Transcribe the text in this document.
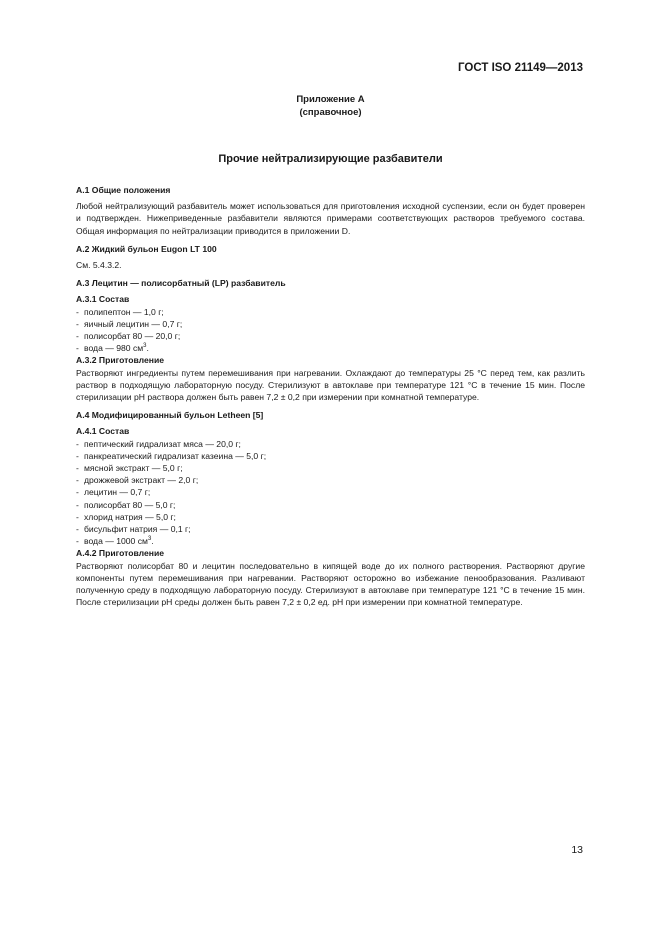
ГОСТ ISO 21149—2013
Приложение А
(справочное)
Прочие нейтрализирующие разбавители
А.1 Общие положения
Любой нейтрализующий разбавитель может использоваться для приготовления исходной суспензии, если он будет проверен и подтвержден. Нижеприведенные разбавители являются примерами соответствующих растворов требуемого состава. Общая информация по нейтрализации приводится в приложении D.
А.2 Жидкий бульон Eugon LT 100
См. 5.4.3.2.
А.3 Лецитин — полисорбатный (LP) разбавитель
А.3.1 Состав
- полипептон — 1,0 г;
- яичный лецитин — 0,7 г;
- полисорбат 80 — 20,0 г;
- вода — 980 $см^3$.
А.3.2 Приготовление
Растворяют ингредиенты путем перемешивания при нагревании. Охлаждают до температуры 25 °С перед тем, как разлить раствор в подходящую лабораторную посуду. Стерилизуют в автоклаве при температуре 121 °С в течение 15 мин. После стерилизации pH раствора должен быть равен 7,2 ± 0,2 при измерении при комнатной температуре.
А.4 Модифицированный бульон Letheen [5]
А.4.1 Состав
- пептический гидрализат мяса — 20,0 г;
- панкреатический гидрализат казеина — 5,0 г;
- мясной экстракт — 5,0 г;
- дрожжевой экстракт — 2,0 г;
- лецитин — 0,7 г;
- полисорбат 80 — 5,0 г;
- хлорид натрия — 5,0 г;
- бисульфит натрия — 0,1 г;
- вода — 1000 $см^3$.
А.4.2 Приготовление
Растворяют полисорбат 80 и лецитин последовательно в кипящей воде до их полного растворения. Растворяют другие компоненты путем перемешивания при нагревании. Растворяют осторожно во избежание пенообразования. Разливают полученную среду в подходящую лабораторную посуду. Стерилизуют в автоклаве при температуре 121 °С в течение 15 мин. После стерилизации pH среды должен быть равен 7,2 ± 0,2 ед. pH при измерении при комнатной температуре.
13
